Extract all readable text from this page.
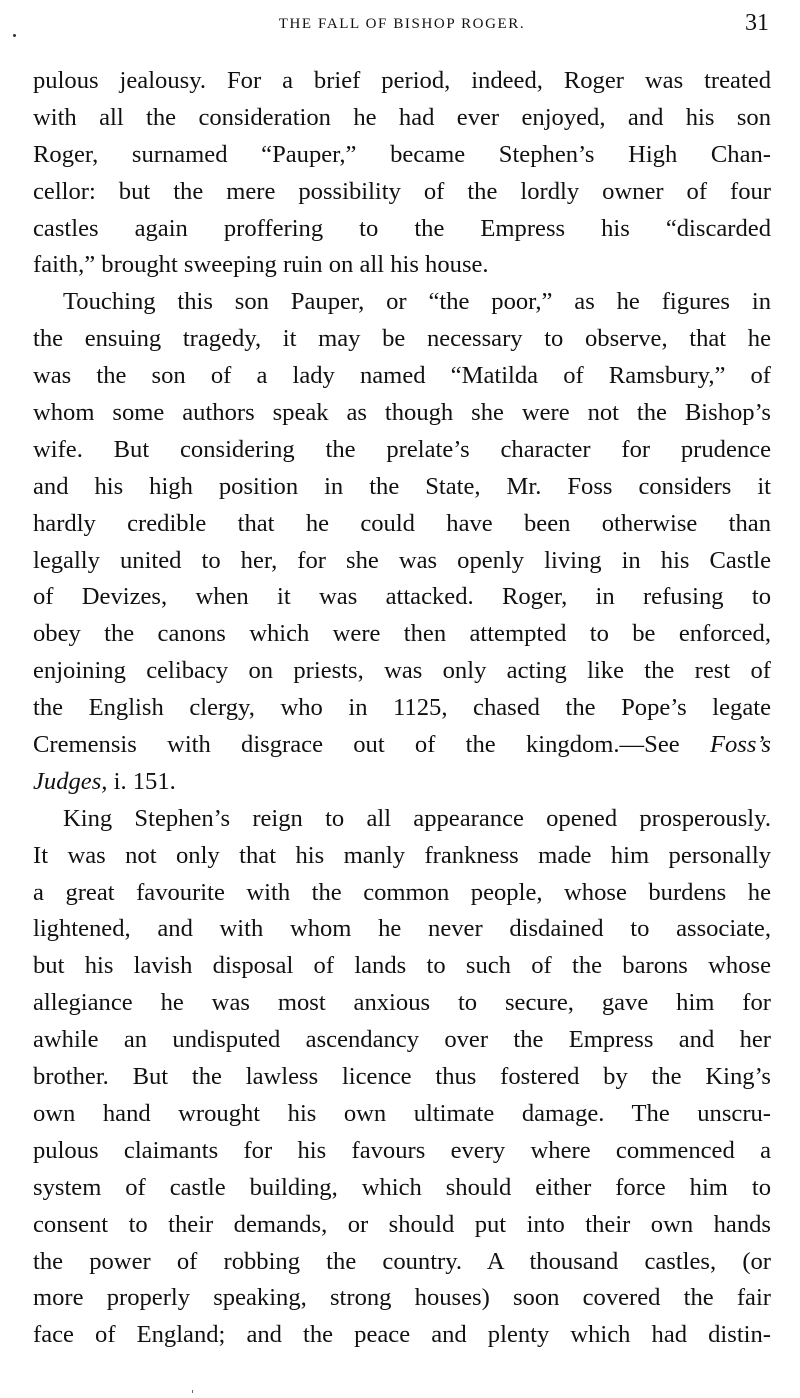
THE FALL OF BISHOP ROGER.	31
pulous jealousy. For a brief period, indeed, Roger was treated
with all the consideration he had ever enjoyed, and his son
Roger, surnamed “Pauper,” became Stephen’s High Chan-
cellor: but the mere possibility of the lordly owner of four
castles again proffering to the Empress his “discarded
faith,” brought sweeping ruin on all his house.
Touching this son Pauper, or “the poor,” as he figures in
the ensuing tragedy, it may be necessary to observe, that he
was the son of a lady named “Matilda of Ramsbury,” of
whom some authors speak as though she were not the Bishop’s
wife. But considering the prelate’s character for prudence
and his high position in the State, Mr. Foss considers it
hardly credible that he could have been otherwise than
legally united to her, for she was openly living in his Castle
of Devizes, when it was attacked. Roger, in refusing to
obey the canons which were then attempted to be enforced,
enjoining celibacy on priests, was only acting like the rest of
the English clergy, who in 1125, chased the Pope’s legate
Cremensis with disgrace out of the kingdom.—See Foss’s
Judges, i. 151.
King Stephen’s reign to all appearance opened prosperously.
It was not only that his manly frankness made him personally
a great favourite with the common people, whose burdens he
lightened, and with whom he never disdained to associate,
but his lavish disposal of lands to such of the barons whose
allegiance he was most anxious to secure, gave him for
awhile an undisputed ascendancy over the Empress and her
brother. But the lawless licence thus fostered by the King’s
own hand wrought his own ultimate damage. The unscru-
pulous claimants for his favours every where commenced a
system of castle building, which should either force him to
consent to their demands, or should put into their own hands
the power of robbing the country. A thousand castles, (or
more properly speaking, strong houses) soon covered the fair
face of England; and the peace and plenty which had distin-
